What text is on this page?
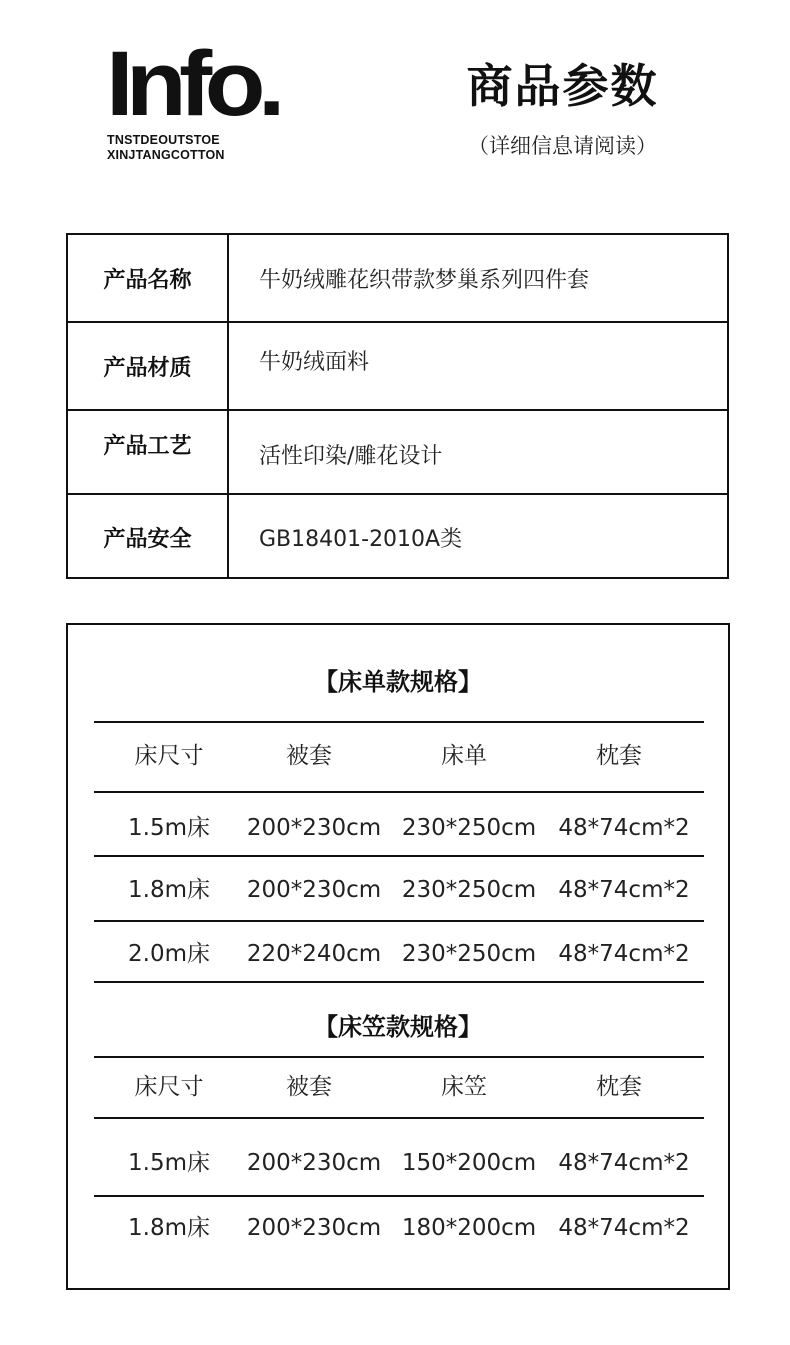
Info.
TNSTDEOUTSTOE
XINJTANGCOTTON
商品参数
（详细信息请阅读）
产品名称	牛奶绒雕花织带款梦巢系列四件套
产品材质	牛奶绒面料
产品工艺	活性印染/雕花设计
产品安全	GB18401-2010A类
【床单款规格】
床尺寸	被套	床单	枕套
1.5m床	200*230cm 230*250cm 48*74cm*2
1.8m床	200*230cm 230*250cm 48*74cm*2
2.0m床	220*240cm 230*250cm 48*74cm*2
【床笠款规格】
床尺寸	被套	床笠	枕套
1.5m床	200*230cm 150*200cm 48*74cm*2
1.8m床	200*230cm 180*200cm 48*74cm*2
